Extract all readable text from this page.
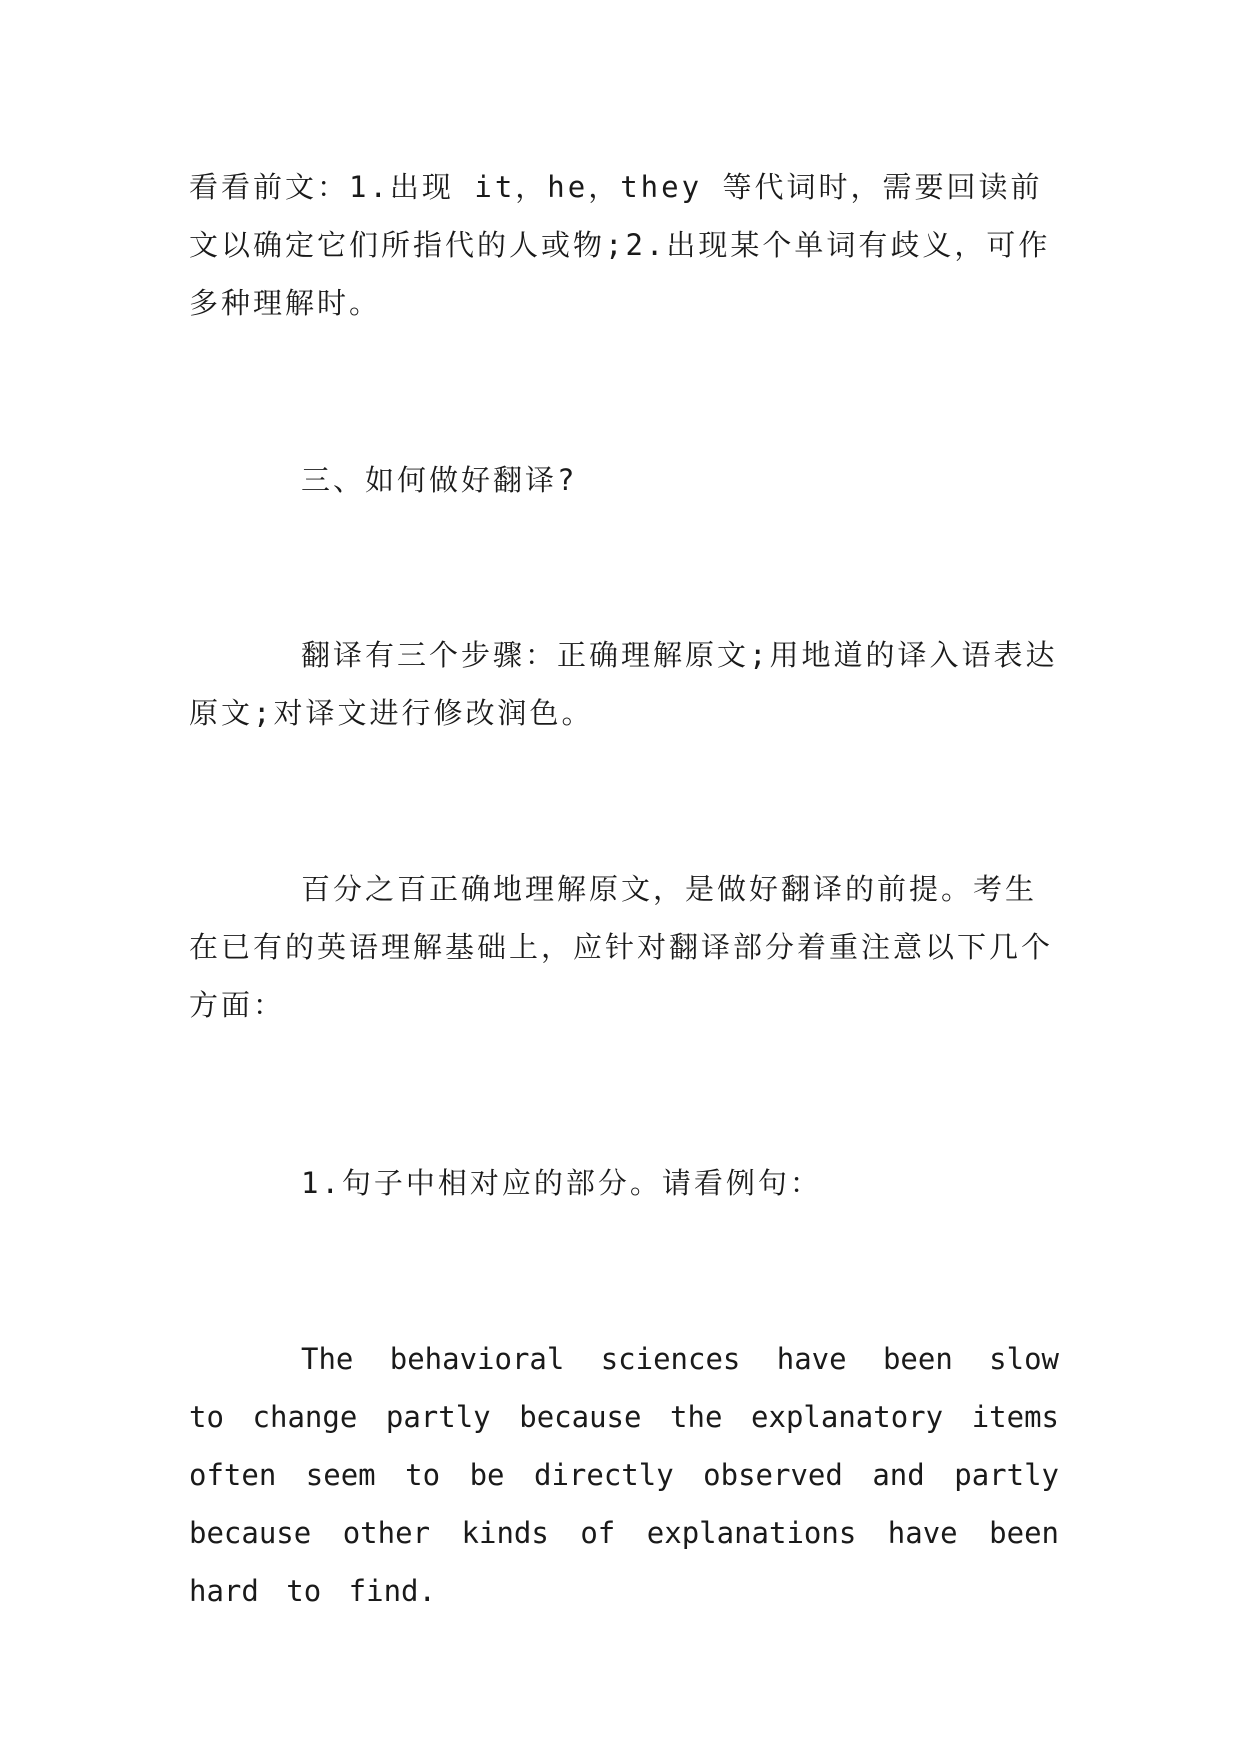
看看前文：1.出现 it，he，they 等代词时，需要回读前文以确定它们所指代的人或物;2.出现某个单词有歧义，可作多种理解时。

三、如何做好翻译?

翻译有三个步骤：正确理解原文;用地道的译入语表达原文;对译文进行修改润色。

百分之百正确地理解原文，是做好翻译的前提。考生在已有的英语理解基础上，应针对翻译部分着重注意以下几个方面：

1.句子中相对应的部分。请看例句：

The behavioral sciences have been slow to change partly because the explanatory items often seem to be directly observed and partly because other kinds of explanations have been hard to find.
